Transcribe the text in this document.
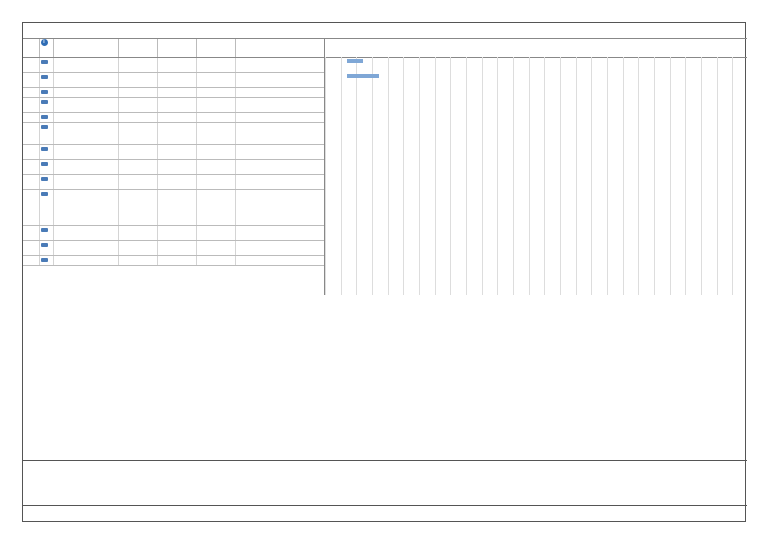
	i
